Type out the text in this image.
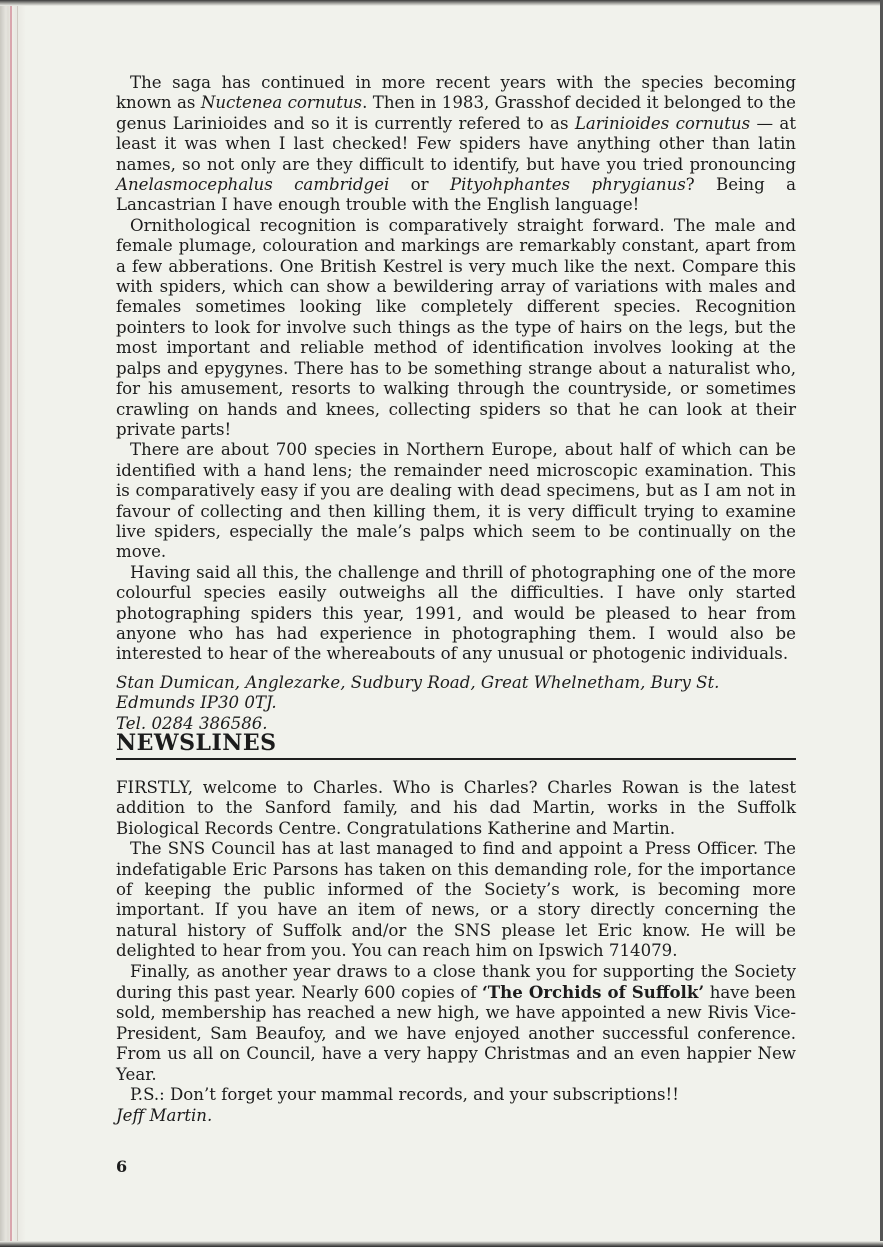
The saga has continued in more recent years with the species becoming known as Nuctenea cornutus. Then in 1983, Grasshof decided it belonged to the genus Larinioides and so it is currently refered to as Larinioides cornutus — at least it was when I last checked! Few spiders have anything other than latin names, so not only are they difficult to identify, but have you tried pronouncing Anelasmocephalus cambridgei or Pityohphantes phrygianus? Being a Lancastrian I have enough trouble with the English language!

Ornithological recognition is comparatively straight forward. The male and female plumage, colouration and markings are remarkably constant, apart from a few abberations. One British Kestrel is very much like the next. Compare this with spiders, which can show a bewildering array of variations with males and females sometimes looking like completely different species. Recognition pointers to look for involve such things as the type of hairs on the legs, but the most important and reliable method of identification involves looking at the palps and epygynes. There has to be something strange about a naturalist who, for his amusement, resorts to walking through the countryside, or sometimes crawling on hands and knees, collecting spiders so that he can look at their private parts!

There are about 700 species in Northern Europe, about half of which can be identified with a hand lens; the remainder need microscopic examination. This is comparatively easy if you are dealing with dead specimens, but as I am not in favour of collecting and then killing them, it is very difficult trying to examine live spiders, especially the male’s palps which seem to be continually on the move.

Having said all this, the challenge and thrill of photographing one of the more colourful species easily outweighs all the difficulties. I have only started photographing spiders this year, 1991, and would be pleased to hear from anyone who has had experience in photographing them. I would also be interested to hear of the whereabouts of any unusual or photogenic individuals.

Stan Dumican, Anglezarke, Sudbury Road, Great Whelnetham, Bury St. Edmunds IP30 0TJ.

Tel. 0284 386586.

NEWSLINES

FIRSTLY, welcome to Charles. Who is Charles? Charles Rowan is the latest addition to the Sanford family, and his dad Martin, works in the Suffolk Biological Records Centre. Congratulations Katherine and Martin.

The SNS Council has at last managed to find and appoint a Press Officer. The indefatigable Eric Parsons has taken on this demanding role, for the importance of keeping the public informed of the Society’s work, is becoming more important. If you have an item of news, or a story directly concerning the natural history of Suffolk and/or the SNS please let Eric know. He will be delighted to hear from you. You can reach him on Ipswich 714079.

Finally, as another year draws to a close thank you for supporting the Society during this past year. Nearly 600 copies of ‘The Orchids of Suffolk’ have been sold, membership has reached a new high, we have appointed a new Rivis Vice-President, Sam Beaufoy, and we have enjoyed another successful conference. From us all on Council, have a very happy Christmas and an even happier New Year.

P.S.: Don’t forget your mammal records, and your subscriptions!!

Jeff Martin.

6
